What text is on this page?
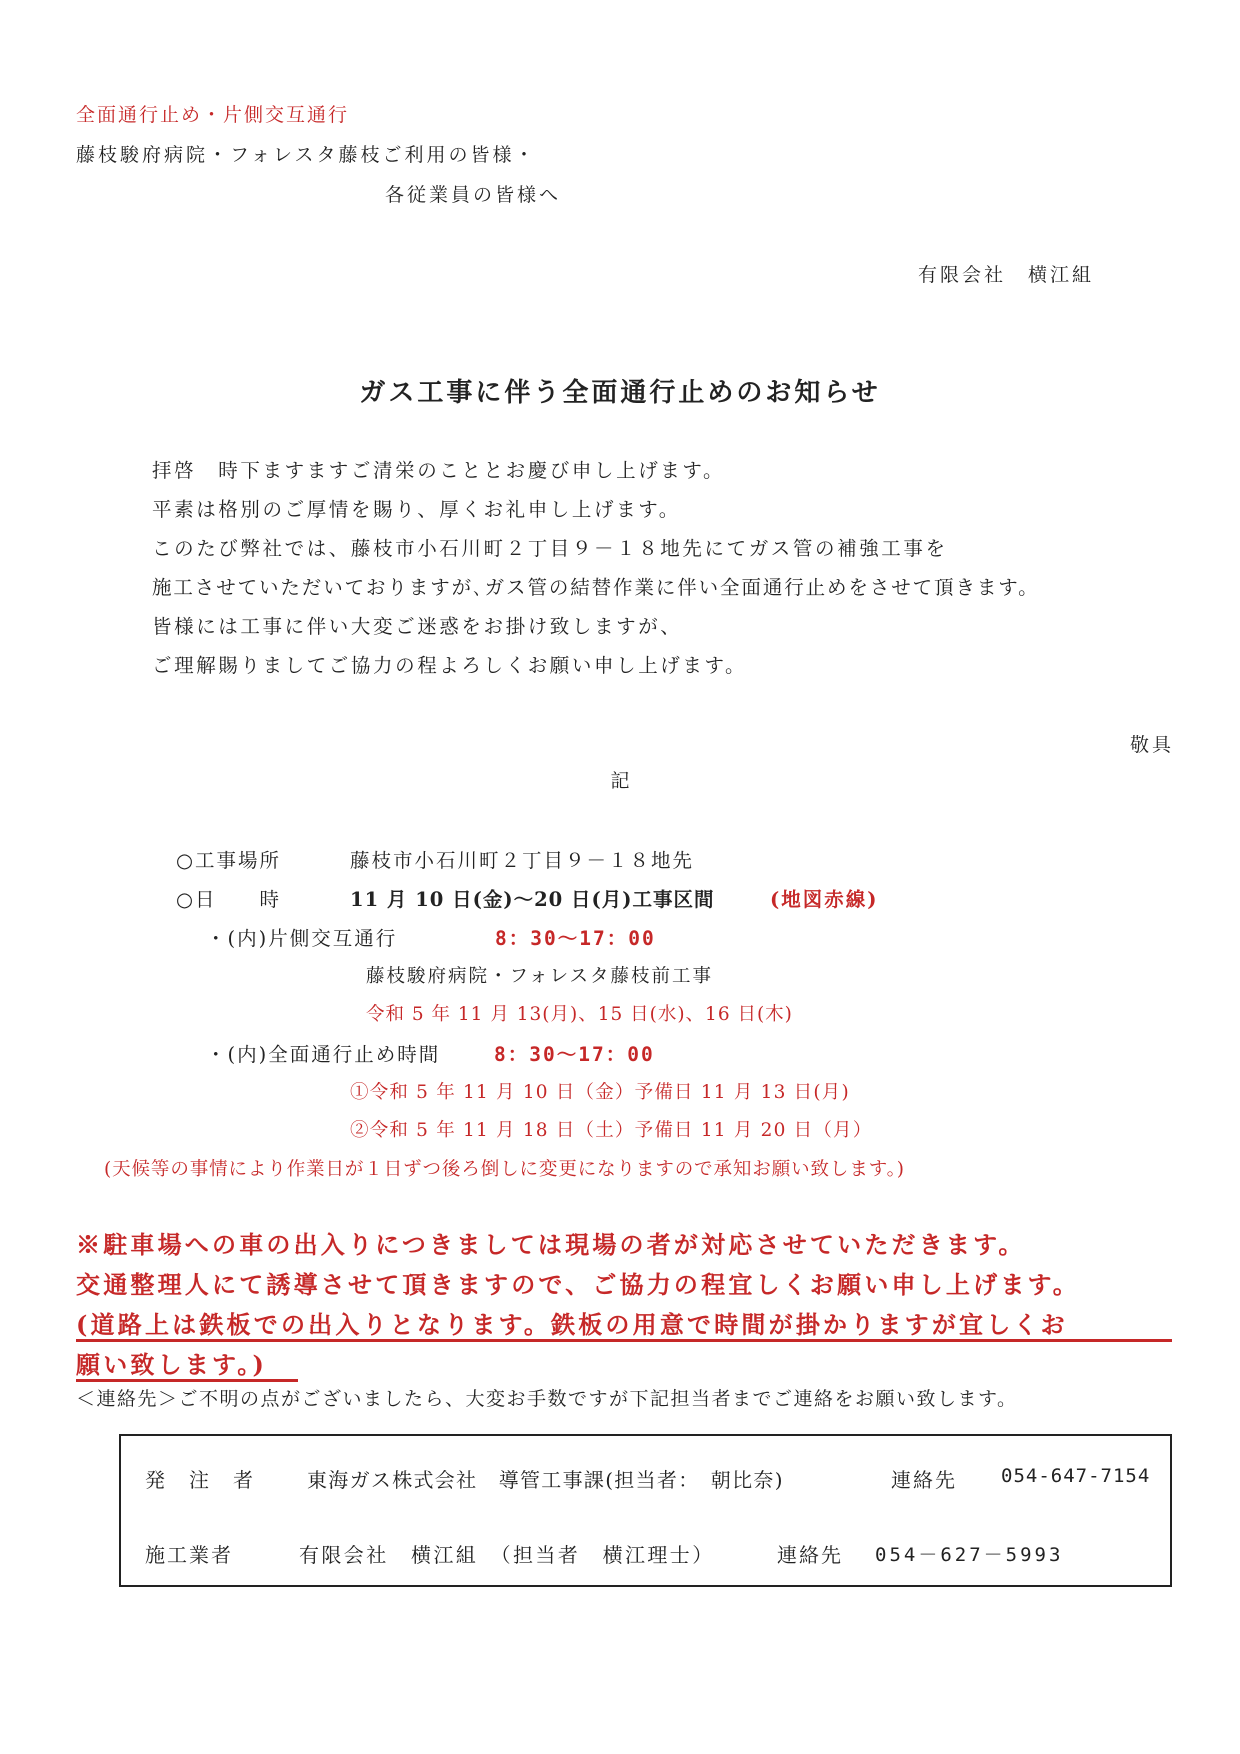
全面通行止め・片側交互通行
藤枝駿府病院・フォレスタ藤枝ご利用の皆様・
各従業員の皆様へ
有限会社　横江組
ガス工事に伴う全面通行止めのお知らせ
拝啓　時下ますますご清栄のこととお慶び申し上げます。
平素は格別のご厚情を賜り、厚くお礼申し上げます。
このたび弊社では、藤枝市小石川町２丁目９－１８地先にてガス管の補強工事を
施工させていただいておりますが､ガス管の結替作業に伴い全面通行止めをさせて頂きます。
皆様には工事に伴い大変ご迷惑をお掛け致しますが、
ご理解賜りましてご協力の程よろしくお願い申し上げます。
敬具
記
○工事場所	藤枝市小石川町２丁目９－１８地先
○日　　時	11 月 10 日(金)～20 日(月)工事区間	(地図赤線)
・(内)片側交互通行	8：30～17：00
藤枝駿府病院・フォレスタ藤枝前工事
令和 5 年 11 月 13(月)、15 日(水)、16 日(木)
・(内)全面通行止め時間	8：30～17：00
①令和 5 年 11 月 10 日（金）予備日 11 月 13 日(月)
②令和 5 年 11 月 18 日（土）予備日 11 月 20 日（月）
(天候等の事情により作業日が１日ずつ後ろ倒しに変更になりますので承知お願い致します。)
※駐車場への車の出入りにつきましては現場の者が対応させていただきます。
交通整理人にて誘導させて頂きますので、ご協力の程宜しくお願い申し上げます。
(道路上は鉄板での出入りとなります。鉄板の用意で時間が掛かりますが宜しくお
願い致します。)
＜連絡先＞ご不明の点がございましたら、大変お手数ですが下記担当者までご連絡をお願い致します。
発　注　者	東海ガス株式会社　導管工事課(担当者：　朝比奈)	連絡先 054-647-7154
施工業者	有限会社　横江組　（担当者　横江理士）	連絡先 054－627－5993
